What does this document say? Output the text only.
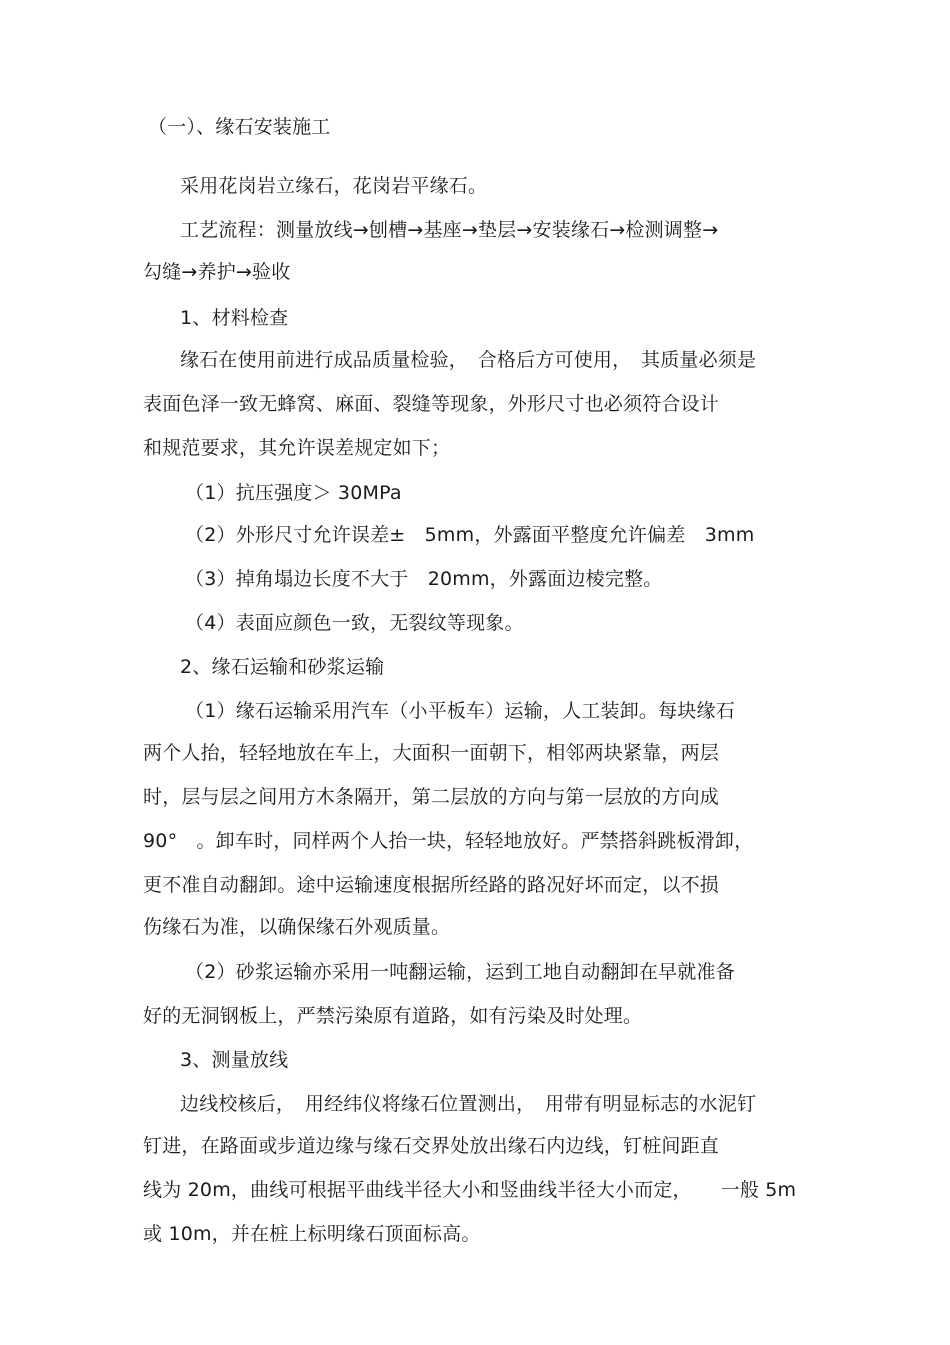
（一）、缘石安装施工
采用花岗岩立缘石，花岗岩平缘石。
工艺流程：测量放线→刨槽→基座→垫层→安装缘石→检测调整→
勾缝→养护→验收
1、材料检查
缘石在使用前进行成品质量检验，　合格后方可使用，　其质量必须是
表面色泽一致无蜂窝、麻面、裂缝等现象，外形尺寸也必须符合设计
和规范要求，其允许误差规定如下；
（1）抗压强度＞ 30MPa
（2）外形尺寸允许误差±　5mm，外露面平整度允许偏差　3mm
（3）掉角塌边长度不大于　20mm，外露面边棱完整。
（4）表面应颜色一致，无裂纹等现象。
2、缘石运输和砂浆运输
（1）缘石运输采用汽车（小平板车）运输，人工装卸。每块缘石
两个人抬，轻轻地放在车上，大面积一面朝下，相邻两块紧靠，两层
时，层与层之间用方木条隔开，第二层放的方向与第一层放的方向成
90°　。卸车时，同样两个人抬一块，轻轻地放好。严禁搭斜跳板滑卸，
更不准自动翻卸。途中运输速度根据所经路的路况好坏而定，以不损
伤缘石为准，以确保缘石外观质量。
（2）砂浆运输亦采用一吨翻运输，运到工地自动翻卸在早就准备
好的无洞钢板上，严禁污染原有道路，如有污染及时处理。
3、测量放线
边线校核后，　用经纬仪将缘石位置测出，　用带有明显标志的水泥钉
钉进，在路面或步道边缘与缘石交界处放出缘石内边线，钉桩间距直
线为 20m，曲线可根据平曲线半径大小和竖曲线半径大小而定，　　一般 5m
或 10m，并在桩上标明缘石顶面标高。
